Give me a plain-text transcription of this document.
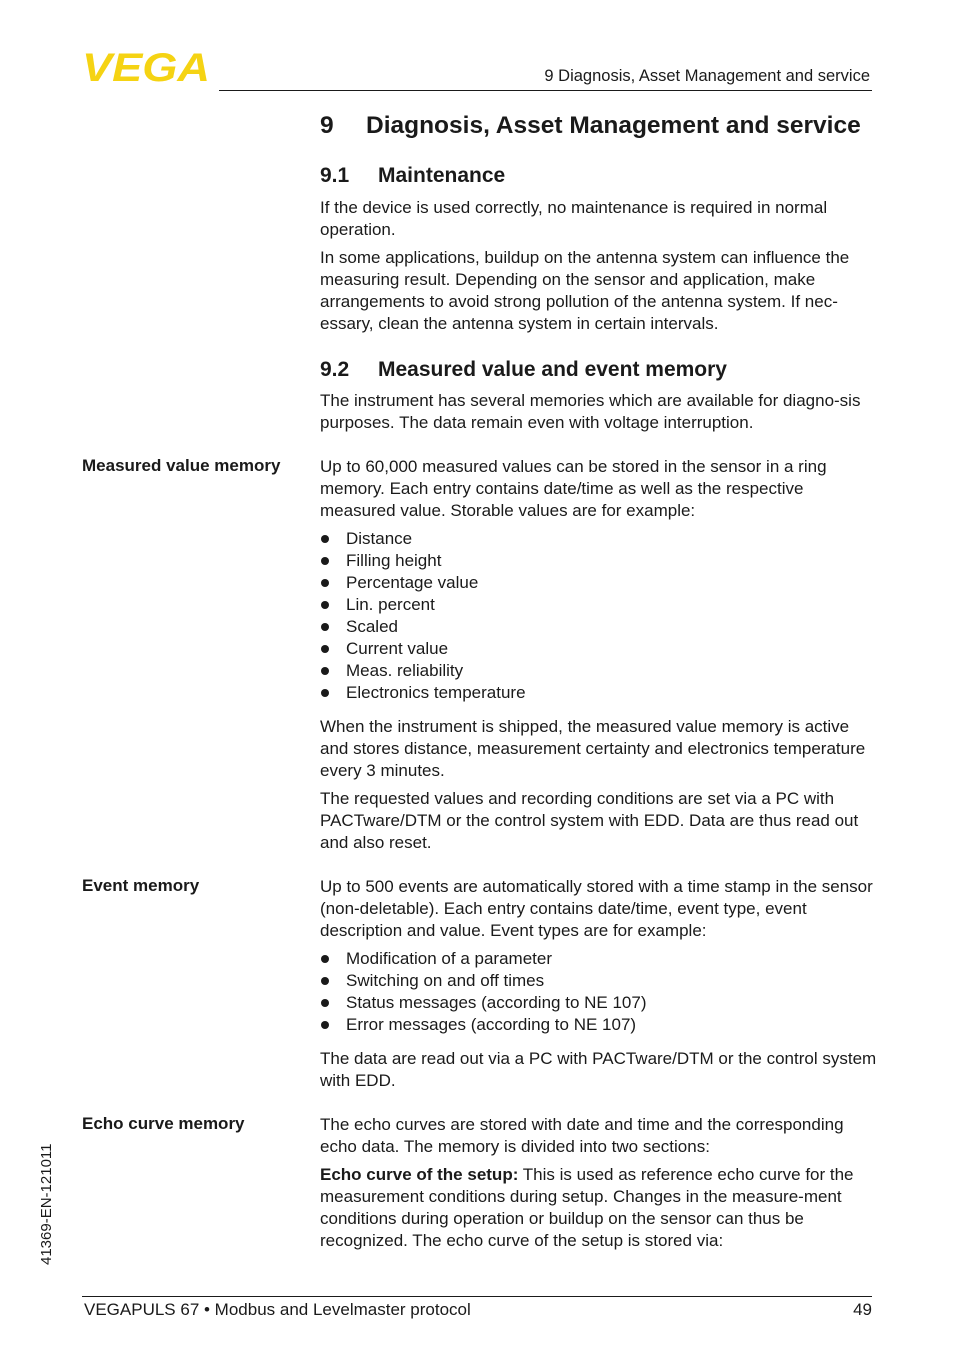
VEGA	9 Diagnosis, Asset Management and service
9 Diagnosis, Asset Management and service
9.1 Maintenance

If the device is used correctly, no maintenance is required in normal operation.

In some applications, buildup on the antenna system can influence the measuring result. Depending on the sensor and application, make arrangements to avoid strong pollution of the antenna system. If nec-essary, clean the antenna system in certain intervals.

9.2 Measured value and event memory

The instrument has several memories which are available for diagno-sis purposes. The data remain even with voltage interruption.

Measured value memory Up to 60,000 measured values can be stored in the sensor in a ring memory. Each entry contains date/time as well as the respective measured value. Storable values are for example:

Distance
Filling height
Percentage value
Lin. percent
Scaled
Current value
Meas. reliability
Electronics temperature

When the instrument is shipped, the measured value memory is active and stores distance, measurement certainty and electronics temperature every 3 minutes.

The requested values and recording conditions are set via a PC with PACTware/DTM or the control system with EDD. Data are thus read out and also reset.

Event memory	Up to 500 events are automatically stored with a time stamp in the sensor (non-deletable). Each entry contains date/time, event type, event description and value. Event types are for example:

Modification of a parameter
Switching on and off times
Status messages (according to NE 107)
Error messages (according to NE 107)

The data are read out via a PC with PACTware/DTM or the control system with EDD.

Echo curve memory	The echo curves are stored with date and time and the corresponding echo data. The memory is divided into two sections:

Echo curve of the setup: This is used as reference echo curve for the measurement conditions during setup. Changes in the measure-ment conditions during operation or buildup on the sensor can thus be recognized. The echo curve of the setup is stored via:

41369-EN-121011
VEGAPULS 67 • Modbus and Levelmaster protocol	49
